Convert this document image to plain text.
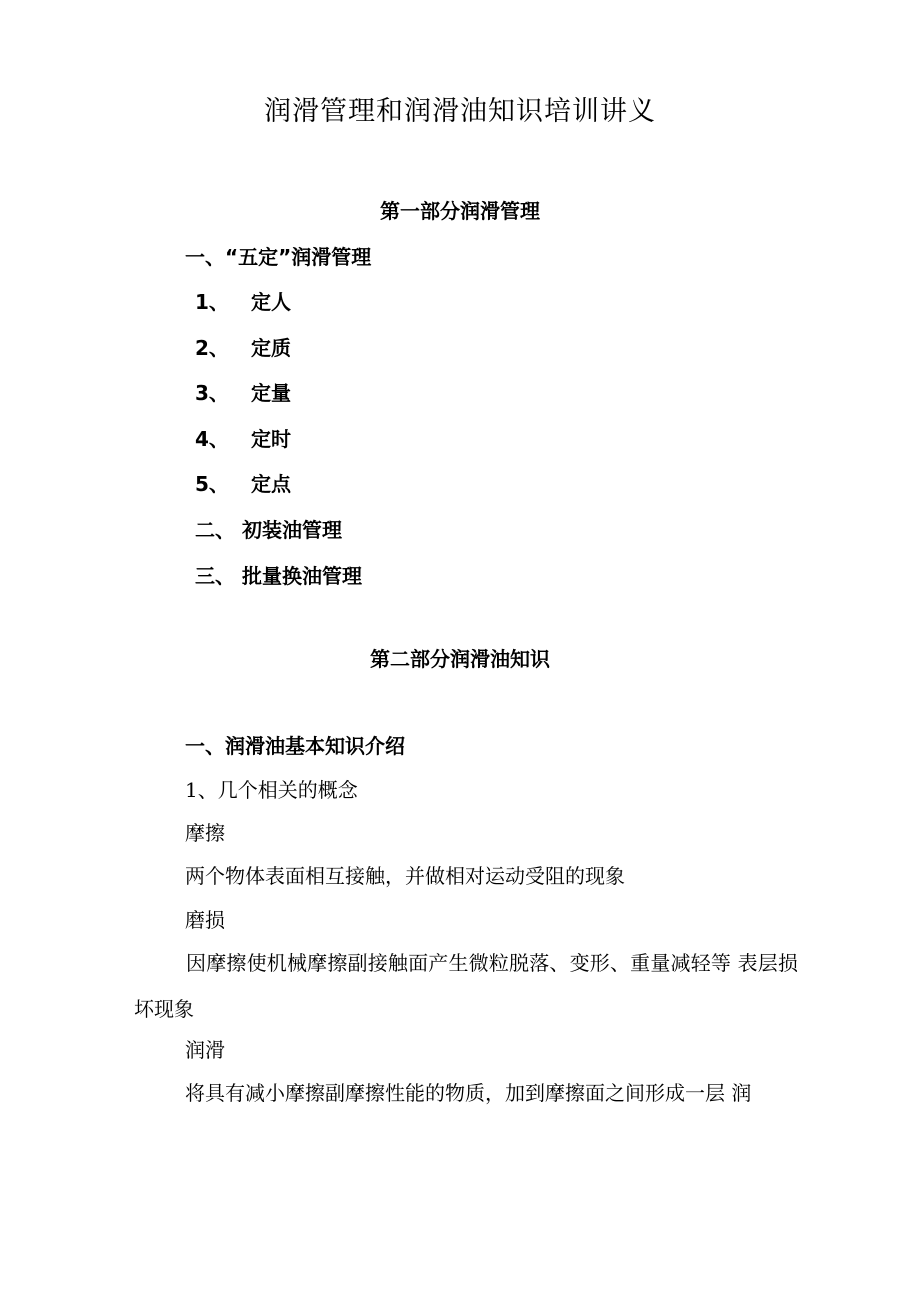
润滑管理和润滑油知识培训讲义
第一部分润滑管理
一、“五定”润滑管理
1、 定人
2、 定质
3、 定量
4、 定时
5、 定点
二、 初装油管理
三、 批量换油管理
第二部分润滑油知识
一、润滑油基本知识介绍
1、几个相关的概念
摩擦
两个物体表面相互接触，并做相对运动受阻的现象
磨损
因摩擦使机械摩擦副接触面产生微粒脱落、变形、重量减轻等 表层损坏现象
润滑
将具有减小摩擦副摩擦性能的物质，加到摩擦面之间形成一层 润
